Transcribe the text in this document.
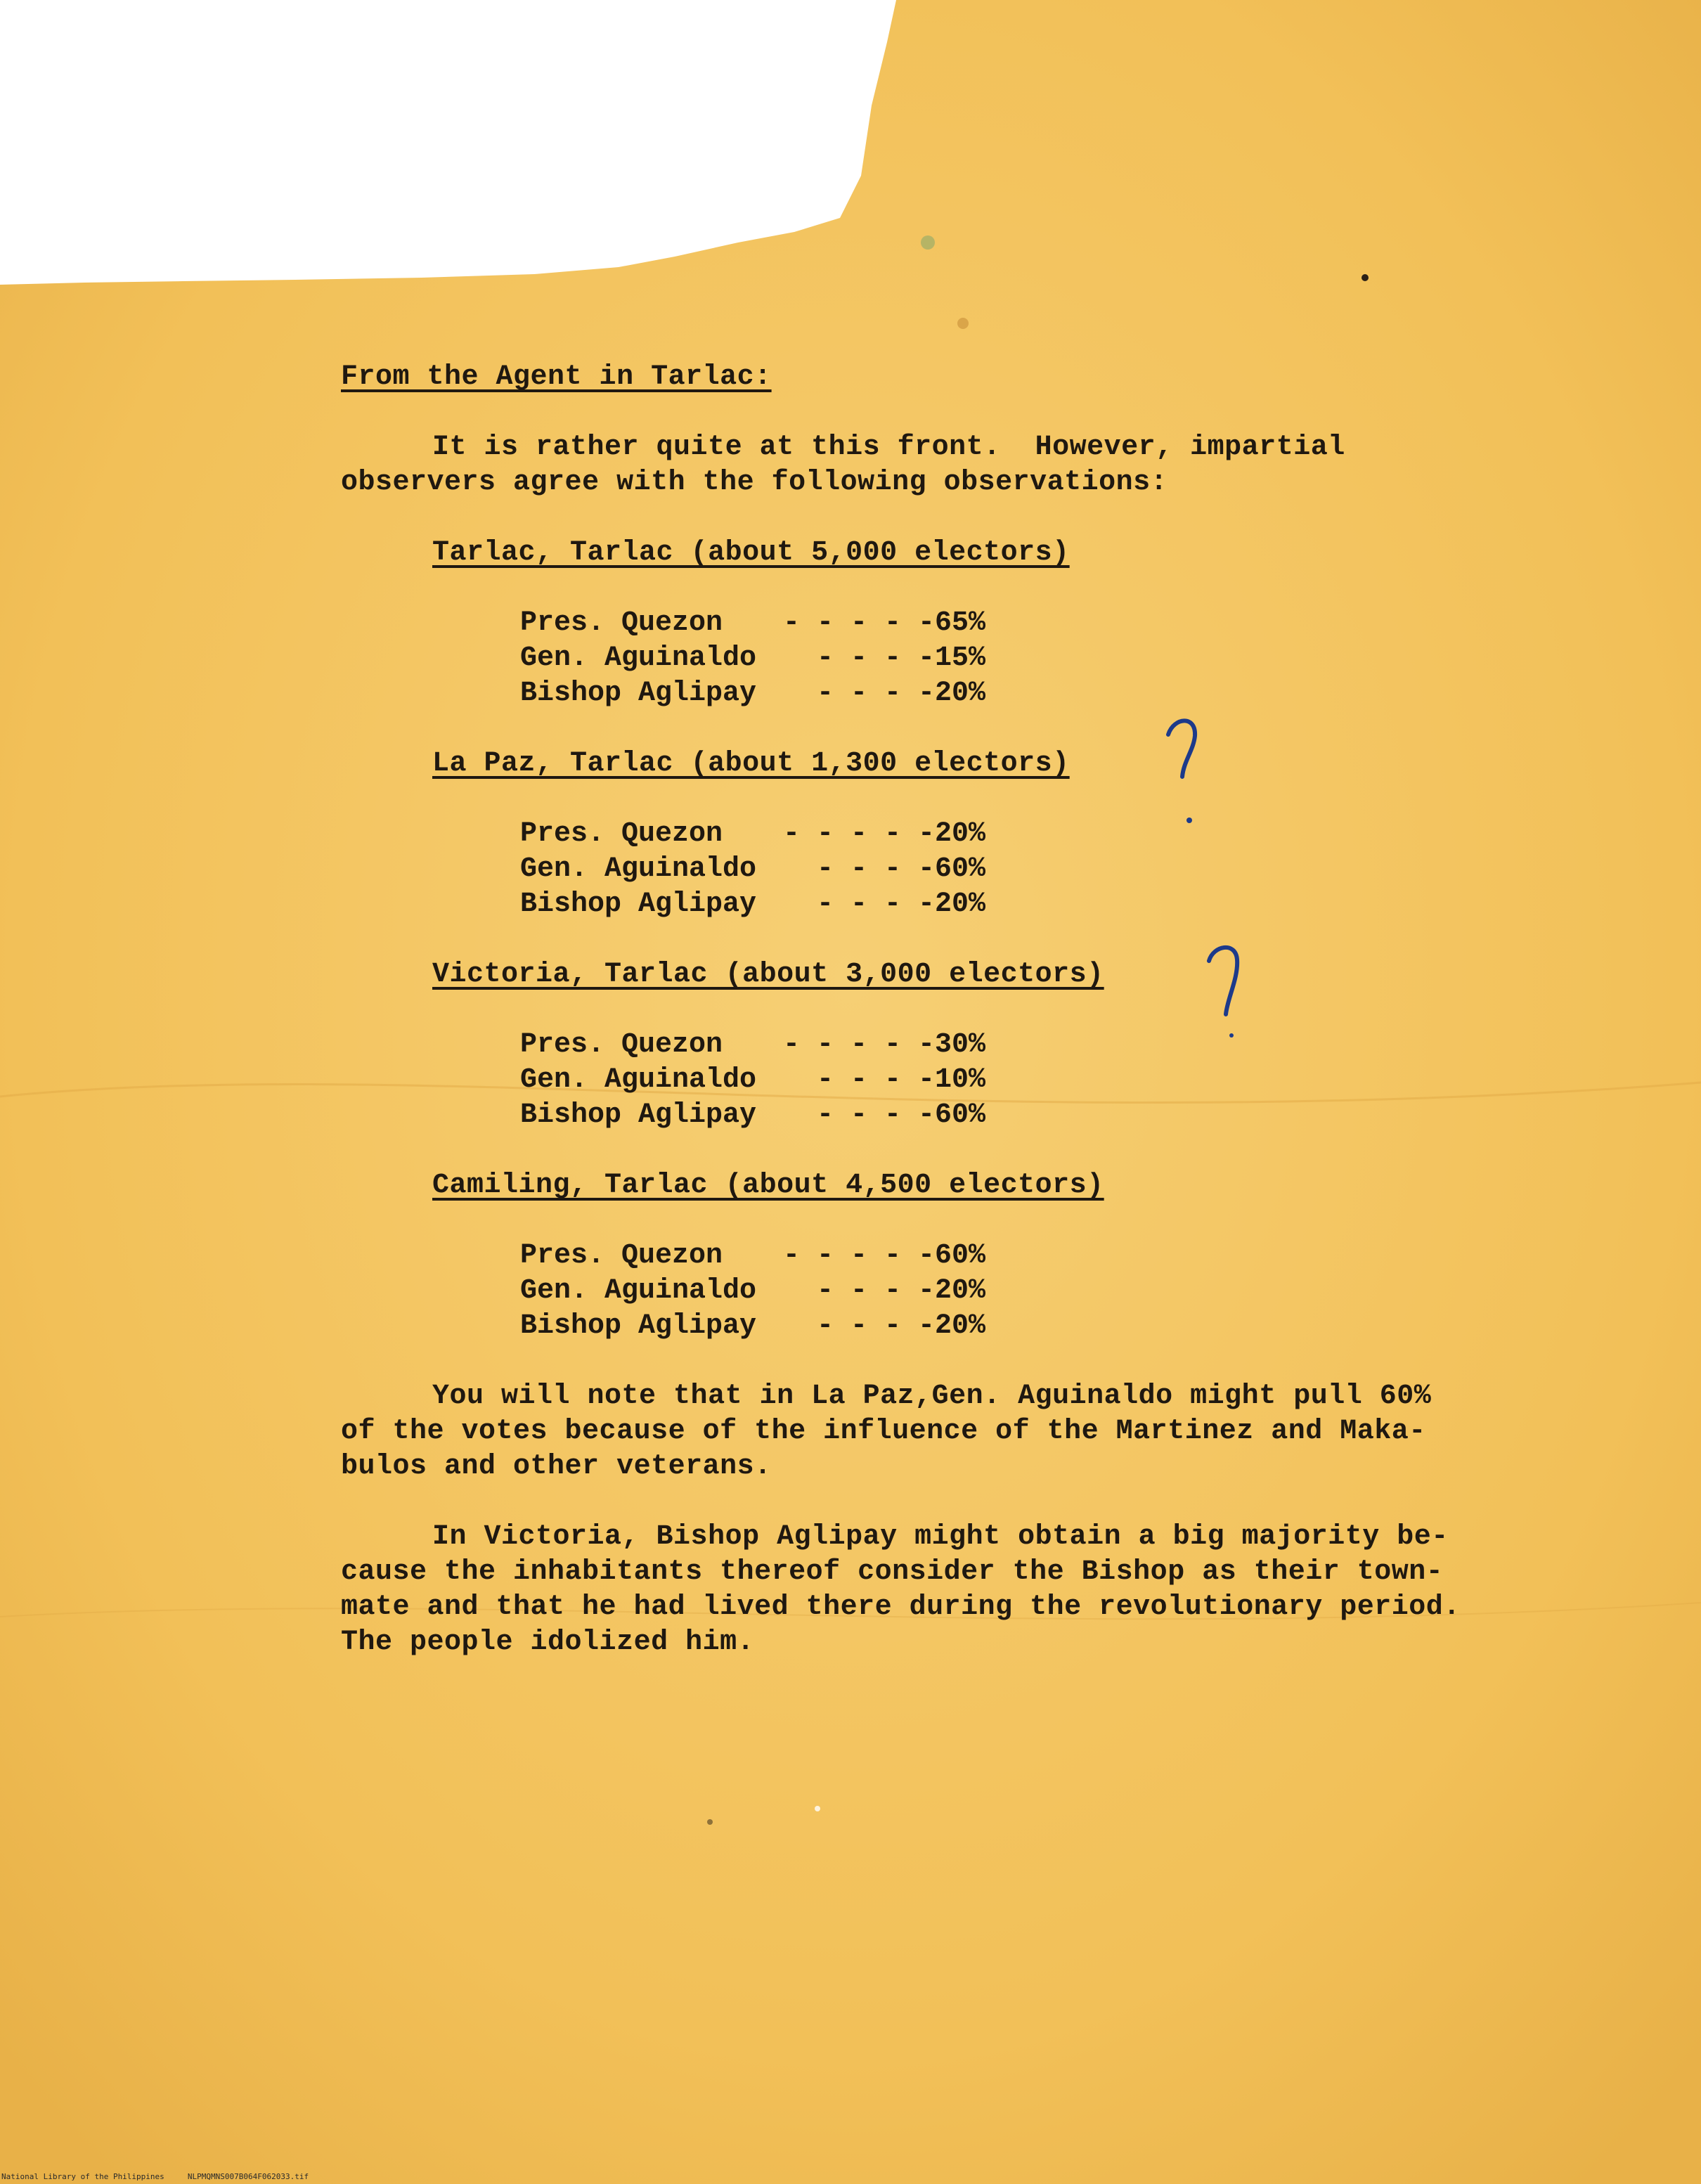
From the Agent in Tarlac:
It is rather quite at this front.  However, impartial
observers agree with the following observations:
Tarlac, Tarlac (about 5,000 electors)
Pres. Quezon - - - - -65%
Gen. Aguinaldo - - - -15%
Bishop Aglipay - - - -20%
La Paz, Tarlac (about 1,300 electors)
Pres. Quezon - - - - -20%
Gen. Aguinaldo - - - -60%
Bishop Aglipay - - - -20%
Victoria, Tarlac (about 3,000 electors)
Pres. Quezon - - - - -30%
Gen. Aguinaldo - - - -10%
Bishop Aglipay - - - -60%
Camiling, Tarlac (about 4,500 electors)
Pres. Quezon - - - - -60%
Gen. Aguinaldo - - - -20%
Bishop Aglipay - - - -20%
You will note that in La Paz,Gen. Aguinaldo might pull 60%
of the votes because of the influence of the Martinez and Maka-
bulos and other veterans.
In Victoria, Bishop Aglipay might obtain a big majority be-
cause the inhabitants thereof consider the Bishop as their town-
mate and that he had lived there during the revolutionary period.
The people idolized him.
National Library of the Philippines     NLPMQMNS007B064F062033.tif
